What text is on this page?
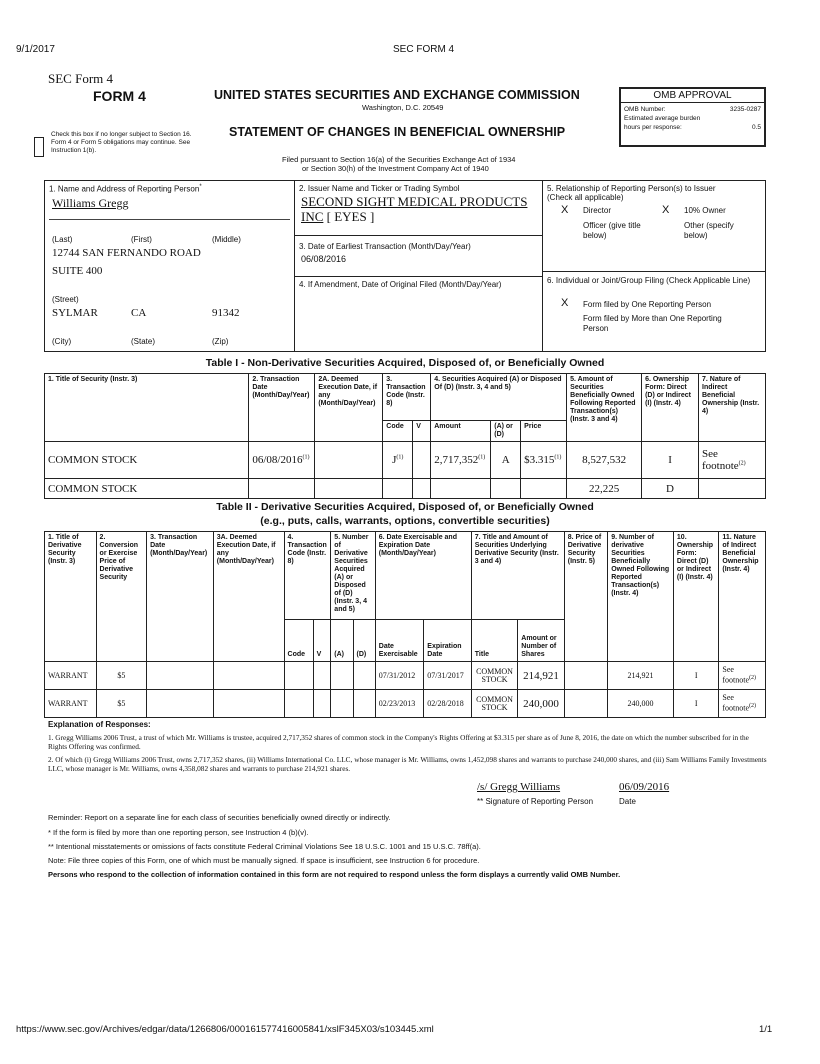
9/1/2017	SEC FORM 4
SEC Form 4
FORM 4	UNITED STATES SECURITIES AND EXCHANGE COMMISSION
Washington, D.C. 20549
Check this box if no longer subject to Section 16. Form 4 or Form 5 obligations may continue. See Instruction 1(b).
STATEMENT OF CHANGES IN BENEFICIAL OWNERSHIP
Filed pursuant to Section 16(a) of the Securities Exchange Act of 1934
or Section 30(h) of the Investment Company Act of 1940
OMB APPROVAL
OMB Number:	3235-0287
Estimated average burden
hours per response:	0.5
1. Name and Address of Reporting Person*
Williams Gregg
(Last)	(First)	(Middle)
12744 SAN FERNANDO ROAD
SUITE 400
(Street)
SYLMAR	CA	91342
(City)	(State)	(Zip)
2. Issuer Name and Ticker or Trading Symbol
SECOND SIGHT MEDICAL PRODUCTS
INC [ EYES ]
3. Date of Earliest Transaction (Month/Day/Year)
06/08/2016
4. If Amendment, Date of Original Filed (Month/Day/Year)
5. Relationship of Reporting Person(s) to Issuer
(Check all applicable)
X Director	X 10% Owner
Officer (give title below)
Other (specify below)
6. Individual or Joint/Group Filing (Check Applicable Line)
X Form filed by One Reporting Person
Form filed by More than One Reporting Person
Table I - Non-Derivative Securities Acquired, Disposed of, or Beneficially Owned
1. Title of Security (Instr. 3)	2. Transaction Date (Month/Day/Year)	2A. Deemed Execution Date, if any (Month/Day/Year)	3. Transaction Code (Instr. 8)		4. Securities Acquired (A) or Disposed Of (D) (Instr. 3, 4 and 5)			5. Amount of Securities Beneficially Owned Following Reported Transaction(s) (Instr. 3 and 4)	6. Ownership Form: Direct (D) or Indirect (I) (Instr. 4)	7. Nature of Indirect Beneficial Ownership (Instr. 4)
			Code	V	Amount	(A) or (D)	Price			
COMMON STOCK	06/08/2016$^{(1)}$		$J^{(1)}$		2,717,352$^{(1)}$	A	$3.315$^{(1)}$	8,527,532	I	See footnote$^{(2)}$
COMMON STOCK								22,225	D	
Table II - Derivative Securities Acquired, Disposed of, or Beneficially Owned
(e.g., puts, calls, warrants, options, convertible securities)
1. Title of Derivative Security (Instr. 3)	2. Conversion or Exercise Price of Derivative Security	3. Transaction Date (Month/Day/Year)	3A. Deemed Execution Date, if any (Month/Day/Year)	4. Transaction Code (Instr. 8)		5. Number of Derivative Securities Acquired (A) or Disposed of (D) (Instr. 3, 4 and 5)		6. Date Exercisable and Expiration Date (Month/Day/Year)		7. Title and Amount of Securities Underlying Derivative Security (Instr. 3 and 4)		8. Price of Derivative Security (Instr. 5)	9. Number of derivative Securities Beneficially Owned Following Reported Transaction(s) (Instr. 4)	10. Ownership Form: Direct (D) or Indirect (I) (Instr. 4)	11. Nature of Indirect Beneficial Ownership (Instr. 4)
				Code	V	(A)	(D)	Date Exercisable	Expiration Date	Title	Amount or Number of Shares				
WARRANT	$5							07/31/2012	07/31/2017	COMMON STOCK	214,921		214,921	I	See footnote$^{(2)}$
WARRANT	$5							02/23/2013	02/28/2018	COMMON STOCK	240,000		240,000	I	See footnote$^{(2)}$
Explanation of Responses:
1. Gregg Williams 2006 Trust, a trust of which Mr. Williams is trustee, acquired 2,717,352 shares of common stock in the Company's Rights Offering at $3.315 per share as of June 8, 2016, the date on which the number subscribed for in the Rights Offering was confirmed.
2. Of which (i) Gregg Williams 2006 Trust, owns 2,717,352 shares, (ii) Williams International Co. LLC, whose manager is Mr. Williams, owns 1,452,098 shares and warrants to purchase 240,000 shares, and (iii) Sam Williams Family Investments LLC, whose manager is Mr. Williams, owns 4,358,082 shares and warrants to purchase 214,921 shares.
/s/ Gregg Williams	06/09/2016
** Signature of Reporting Person	Date
Reminder: Report on a separate line for each class of securities beneficially owned directly or indirectly.
* If the form is filed by more than one reporting person, see Instruction 4 (b)(v).
** Intentional misstatements or omissions of facts constitute Federal Criminal Violations See 18 U.S.C. 1001 and 15 U.S.C. 78ff(a).
Note: File three copies of this Form, one of which must be manually signed. If space is insufficient, see Instruction 6 for procedure.
Persons who respond to the collection of information contained in this form are not required to respond unless the form displays a currently valid OMB Number.
https://www.sec.gov/Archives/edgar/data/1266806/000161577416005841/xslF345X03/s103445.xml	1/1
